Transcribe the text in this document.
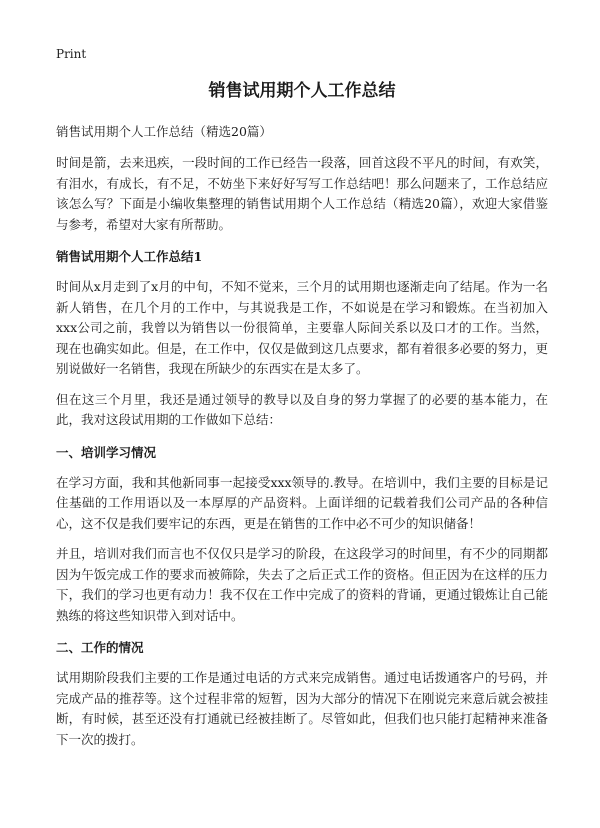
Print
销售试用期个人工作总结
销售试用期个人工作总结（精选20篇）

时间是箭，去来迅疾，一段时间的工作已经告一段落，回首这段不平凡的时间，有欢笑，有泪水，有成长，有不足，不妨坐下来好好写写工作总结吧！那么问题来了，工作总结应该怎么写？下面是小编收集整理的销售试用期个人工作总结（精选20篇），欢迎大家借鉴与参考，希望对大家有所帮助。

销售试用期个人工作总结1

时间从x月走到了x月的中旬，不知不觉来，三个月的试用期也逐渐走向了结尾。作为一名新人销售，在几个月的工作中，与其说我是工作，不如说是在学习和锻炼。在当初加入xxx公司之前，我曾以为销售以一份很简单，主要靠人际间关系以及口才的工作。当然，现在也确实如此。但是，在工作中，仅仅是做到这几点要求，都有着很多必要的努力，更别说做好一名销售，我现在所缺少的东西实在是太多了。

但在这三个月里，我还是通过领导的教导以及自身的努力掌握了的必要的基本能力，在此，我对这段试用期的工作做如下总结：

一、培训学习情况

在学习方面，我和其他新同事一起接受xxx领导的.教导。在培训中，我们主要的目标是记住基础的工作用语以及一本厚厚的产品资料。上面详细的记载着我们公司产品的各种信心，这不仅是我们要牢记的东西，更是在销售的工作中必不可少的知识储备！

并且，培训对我们而言也不仅仅只是学习的阶段，在这段学习的时间里，有不少的同期都因为午饭完成工作的要求而被筛除，失去了之后正式工作的资格。但正因为在这样的压力下，我们的学习也更有动力！我不仅在工作中完成了的资料的背诵，更通过锻炼让自己能熟练的将这些知识带入到对话中。

二、工作的情况

试用期阶段我们主要的工作是通过电话的方式来完成销售。通过电话拨通客户的号码，并完成产品的推荐等。这个过程非常的短暂，因为大部分的情况下在刚说完来意后就会被挂断，有时候，甚至还没有打通就已经被挂断了。尽管如此，但我们也只能打起精神来准备下一次的拨打。
